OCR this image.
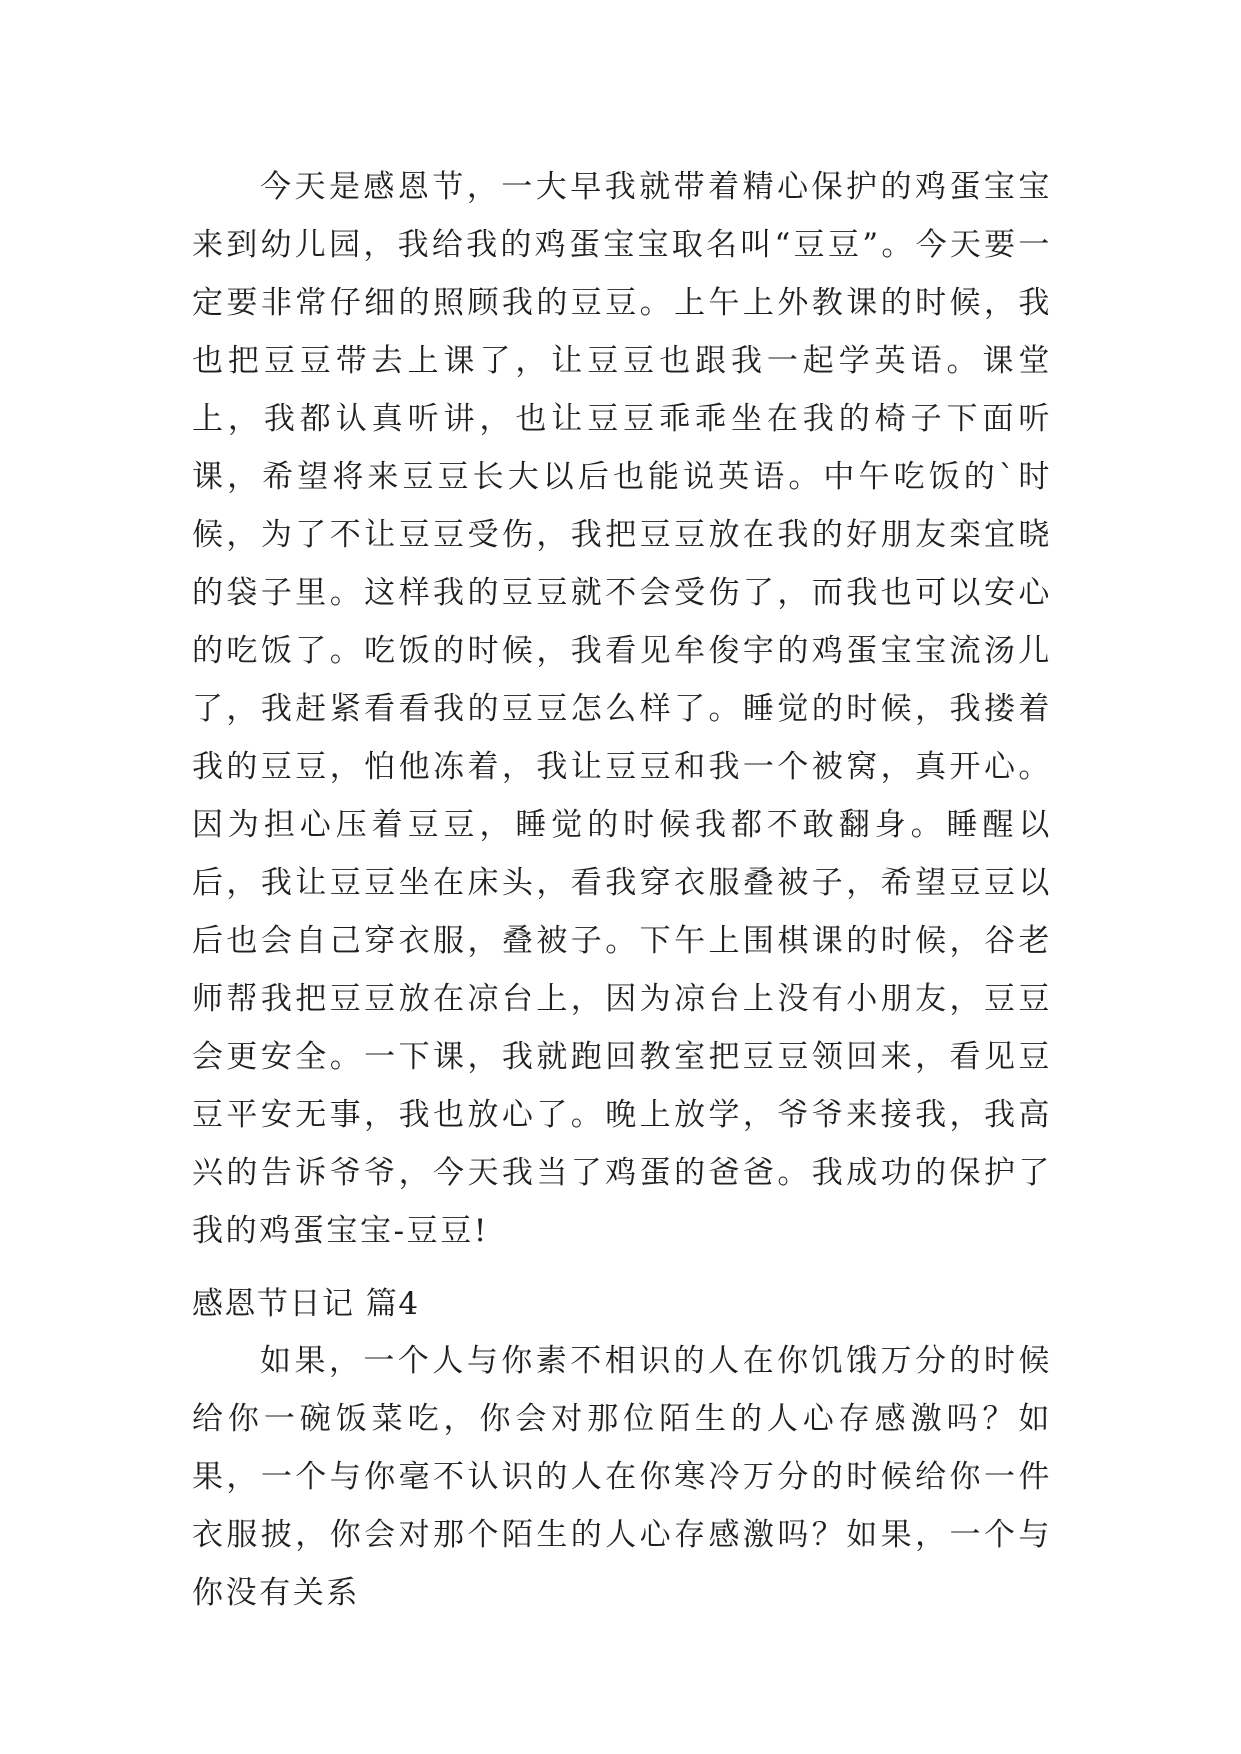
今天是感恩节，一大早我就带着精心保护的鸡蛋宝宝来到幼儿园，我给我的鸡蛋宝宝取名叫“豆豆”。今天要一定要非常仔细的照顾我的豆豆。上午上外教课的时候，我也把豆豆带去上课了，让豆豆也跟我一起学英语。课堂上，我都认真听讲，也让豆豆乖乖坐在我的椅子下面听课，希望将来豆豆长大以后也能说英语。中午吃饭的`时候，为了不让豆豆受伤，我把豆豆放在我的好朋友栾宜晓的袋子里。这样我的豆豆就不会受伤了，而我也可以安心的吃饭了。吃饭的时候，我看见牟俊宇的鸡蛋宝宝流汤儿了，我赶紧看看我的豆豆怎么样了。睡觉的时候，我搂着我的豆豆，怕他冻着，我让豆豆和我一个被窝，真开心。因为担心压着豆豆，睡觉的时候我都不敢翻身。睡醒以后，我让豆豆坐在床头，看我穿衣服叠被子，希望豆豆以后也会自己穿衣服，叠被子。下午上围棋课的时候，谷老师帮我把豆豆放在凉台上，因为凉台上没有小朋友，豆豆会更安全。一下课，我就跑回教室把豆豆领回来，看见豆豆平安无事，我也放心了。晚上放学，爷爷来接我，我高兴的告诉爷爷，今天我当了鸡蛋的爸爸。我成功的保护了我的鸡蛋宝宝-豆豆!

感恩节日记 篇4

如果，一个人与你素不相识的人在你饥饿万分的时候给你一碗饭菜吃，你会对那位陌生的人心存感激吗？如果，一个与你毫不认识的人在你寒冷万分的时候给你一件衣服披，你会对那个陌生的人心存感激吗？如果，一个与你没有关系
